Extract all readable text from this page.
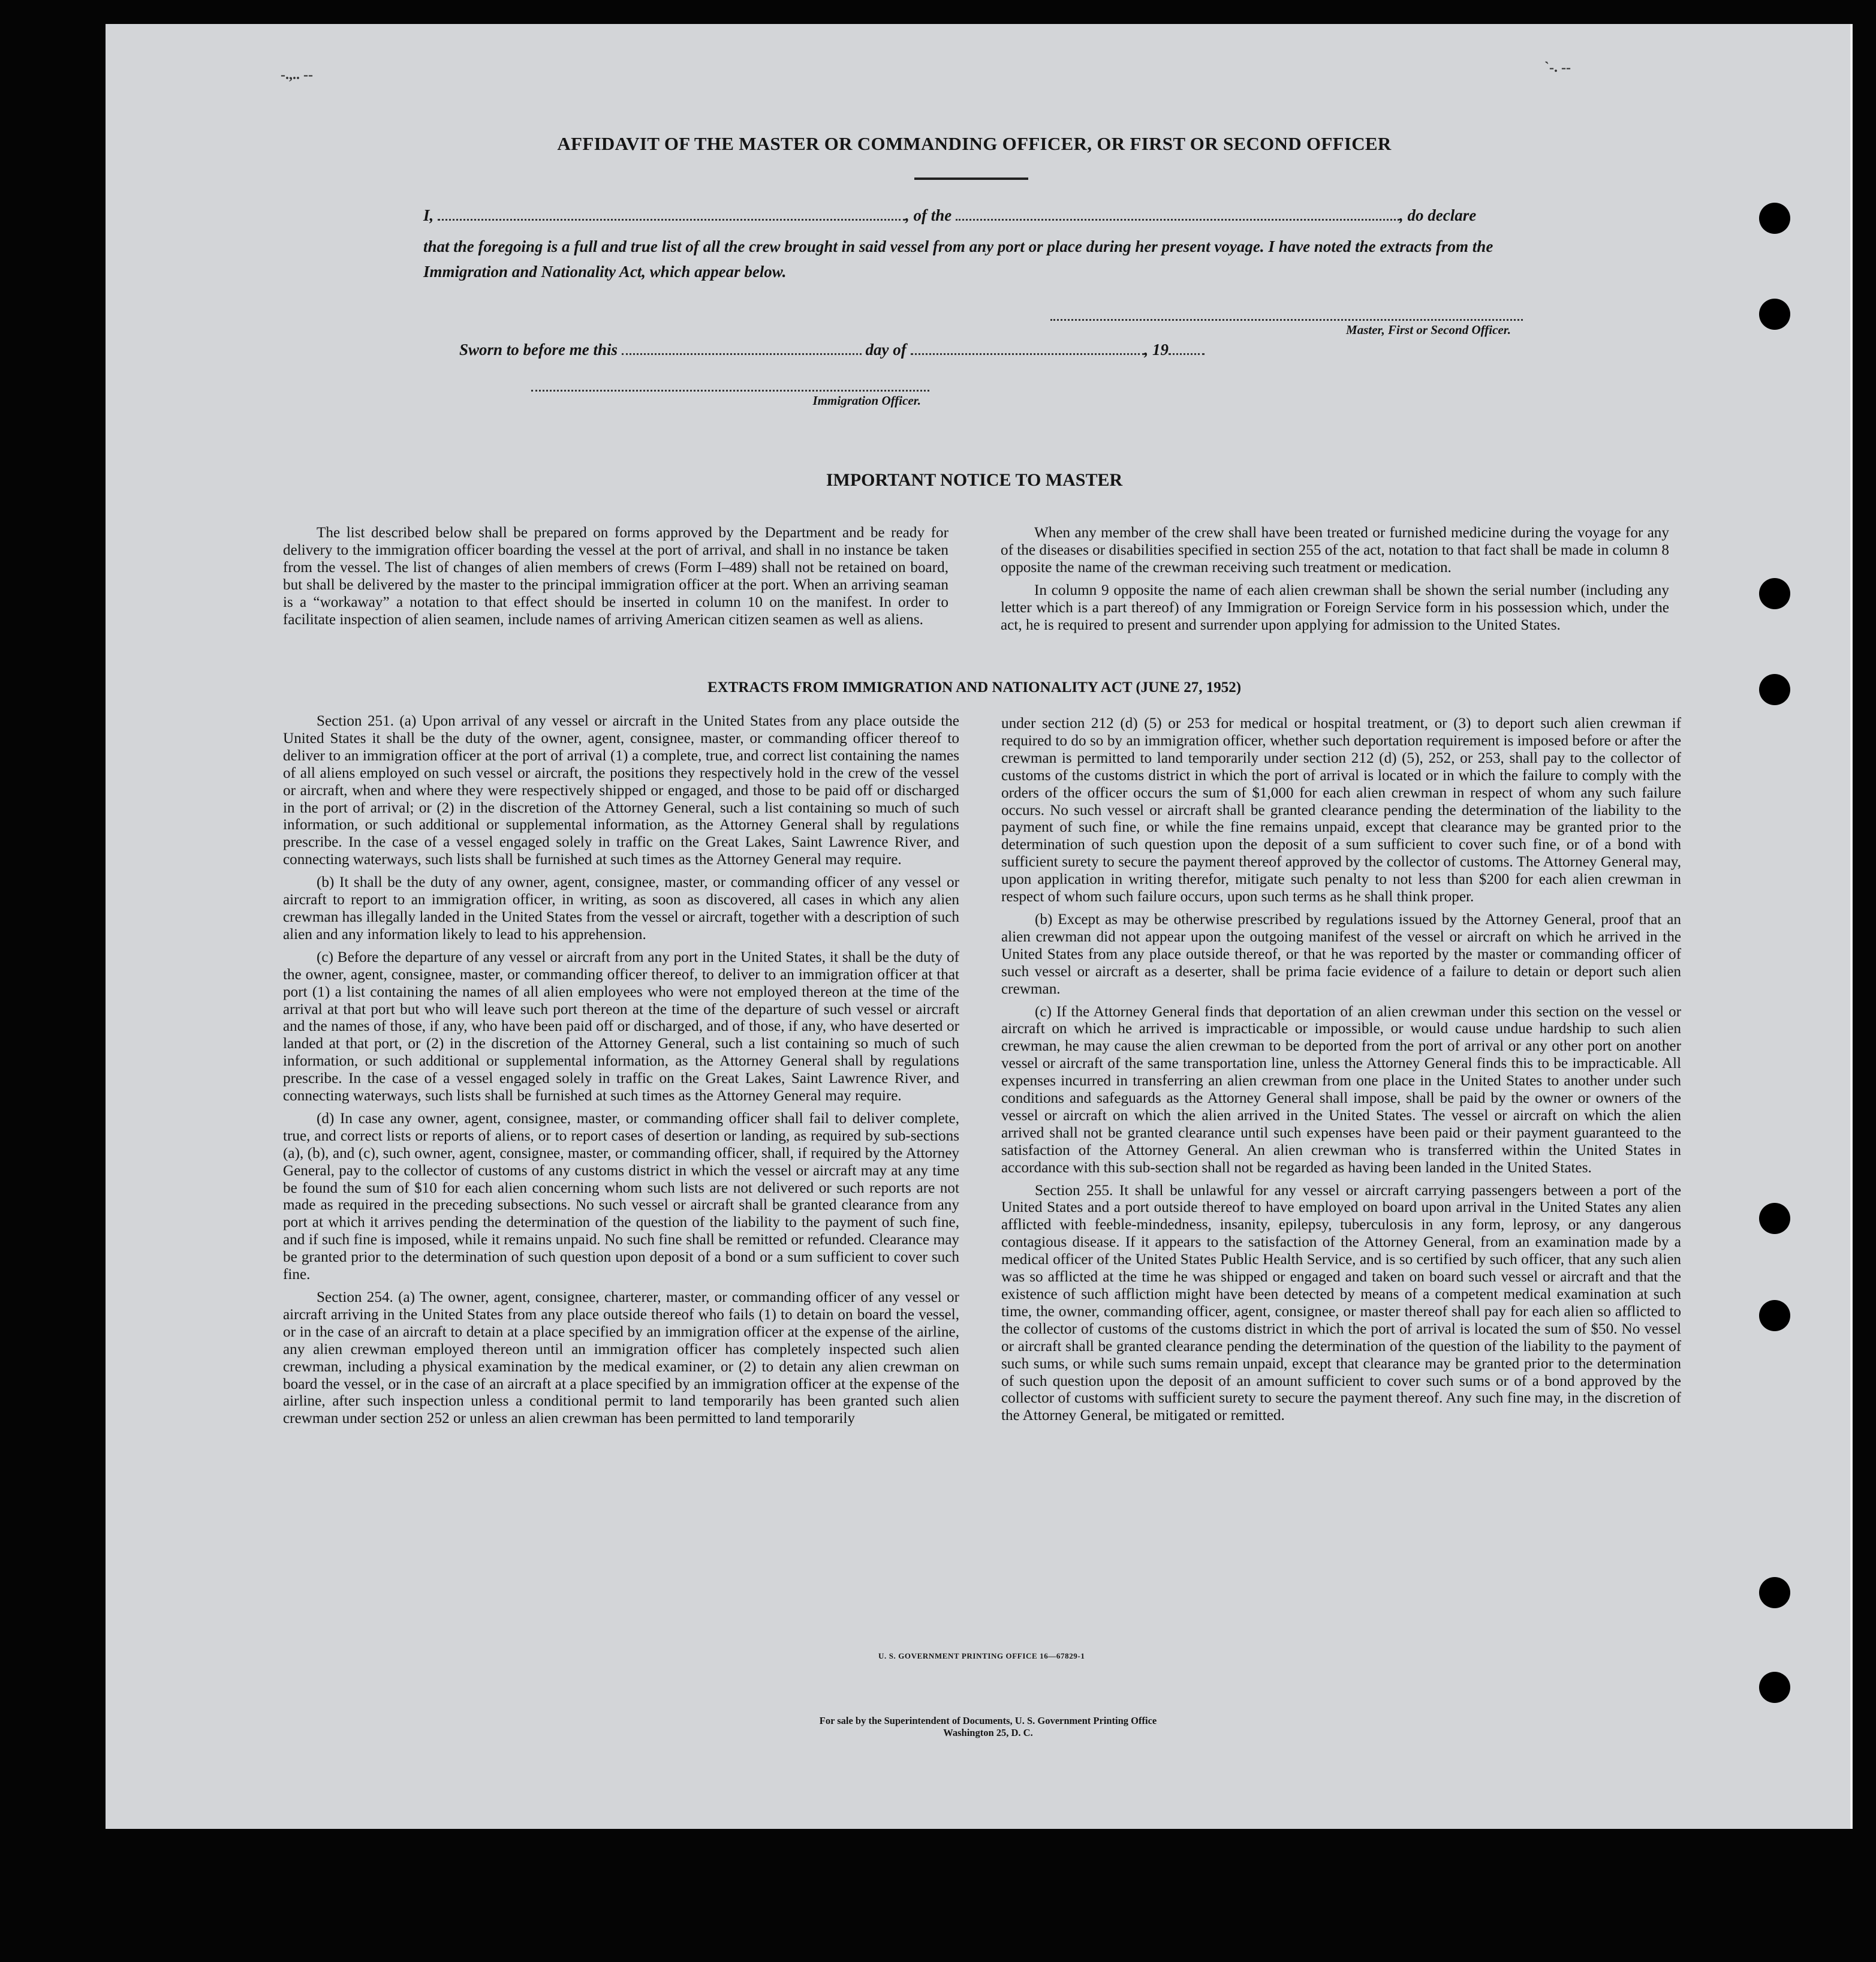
-.,.. --	`-. --
AFFIDAVIT OF THE MASTER OR COMMANDING OFFICER, OR FIRST OR SECOND OFFICER
I,	, of the	, do declare
that the foregoing is a full and true list of all the crew brought in said vessel from any port or place during her present voyage. I have noted the extracts from the Immigration and Nationality Act, which appear below.
Master, First or Second Officer.
Sworn to before me this	day of	, 19
Immigration Officer.
IMPORTANT NOTICE TO MASTER

The list described below shall be prepared on forms approved by the Department and be ready for delivery to the immigration officer boarding the vessel at the port of arrival, and shall in no instance be taken from the vessel. The list of changes of alien members of crews (Form I–489) shall not be retained on board, but shall be delivered by the master to the principal immigration officer at the port. When an arriving seaman is a “workaway” a notation to that effect should be inserted in column 10 on the manifest. In order to facilitate inspection of alien seamen, include names of arriving American citizen seamen as well as aliens.

When any member of the crew shall have been treated or furnished medicine during the voyage for any of the diseases or disabilities specified in section 255 of the act, notation to that fact shall be made in column 8 opposite the name of the crewman receiving such treatment or medication.

In column 9 opposite the name of each alien crewman shall be shown the serial number (including any letter which is a part thereof) of any Immigration or Foreign Service form in his possession which, under the act, he is required to present and surrender upon applying for admission to the United States.

EXTRACTS FROM IMMIGRATION AND NATIONALITY ACT (JUNE 27, 1952)

Section 251. (a) Upon arrival of any vessel or aircraft in the United States from any place outside the United States it shall be the duty of the owner, agent, consignee, master, or commanding officer thereof to deliver to an immigration officer at the port of arrival (1) a complete, true, and correct list containing the names of all aliens employed on such vessel or aircraft, the positions they respectively hold in the crew of the vessel or aircraft, when and where they were respectively shipped or engaged, and those to be paid off or discharged in the port of arrival; or (2) in the discretion of the Attorney General, such a list containing so much of such information, or such additional or supplemental information, as the Attorney General shall by regulations prescribe. In the case of a vessel engaged solely in traffic on the Great Lakes, Saint Lawrence River, and connecting waterways, such lists shall be furnished at such times as the Attorney General may require.

(b) It shall be the duty of any owner, agent, consignee, master, or commanding officer of any vessel or aircraft to report to an immigration officer, in writing, as soon as discovered, all cases in which any alien crewman has illegally landed in the United States from the vessel or aircraft, together with a description of such alien and any information likely to lead to his apprehension.

(c) Before the departure of any vessel or aircraft from any port in the United States, it shall be the duty of the owner, agent, consignee, master, or commanding officer thereof, to deliver to an immigration officer at that port (1) a list containing the names of all alien employees who were not employed thereon at the time of the arrival at that port but who will leave such port thereon at the time of the departure of such vessel or aircraft and the names of those, if any, who have been paid off or discharged, and of those, if any, who have deserted or landed at that port, or (2) in the discretion of the Attorney General, such a list containing so much of such information, or such additional or supplemental information, as the Attorney General shall by regulations prescribe. In the case of a vessel engaged solely in traffic on the Great Lakes, Saint Lawrence River, and connecting waterways, such lists shall be furnished at such times as the Attorney General may require.

(d) In case any owner, agent, consignee, master, or commanding officer shall fail to deliver complete, true, and correct lists or reports of aliens, or to report cases of desertion or landing, as required by sub-sections (a), (b), and (c), such owner, agent, consignee, master, or commanding officer, shall, if required by the Attorney General, pay to the collector of customs of any customs district in which the vessel or aircraft may at any time be found the sum of $10 for each alien concerning whom such lists are not delivered or such reports are not made as required in the preceding subsections. No such vessel or aircraft shall be granted clearance from any port at which it arrives pending the determination of the question of the liability to the payment of such fine, and if such fine is imposed, while it remains unpaid. No such fine shall be remitted or refunded. Clearance may be granted prior to the determination of such question upon deposit of a bond or a sum sufficient to cover such fine.

Section 254. (a) The owner, agent, consignee, charterer, master, or commanding officer of any vessel or aircraft arriving in the United States from any place outside thereof who fails (1) to detain on board the vessel, or in the case of an aircraft to detain at a place specified by an immigration officer at the expense of the airline, any alien crewman employed thereon until an immigration officer has completely inspected such alien crewman, including a physical examination by the medical examiner, or (2) to detain any alien crewman on board the vessel, or in the case of an aircraft at a place specified by an immigration officer at the expense of the airline, after such inspection unless a conditional permit to land temporarily has been granted such alien crewman under section 252 or unless an alien crewman has been permitted to land temporarily

under section 212 (d) (5) or 253 for medical or hospital treatment, or (3) to deport such alien crewman if required to do so by an immigration officer, whether such deportation requirement is imposed before or after the crewman is permitted to land temporarily under section 212 (d) (5), 252, or 253, shall pay to the collector of customs of the customs district in which the port of arrival is located or in which the failure to comply with the orders of the officer occurs the sum of $1,000 for each alien crewman in respect of whom any such failure occurs. No such vessel or aircraft shall be granted clearance pending the determination of the liability to the payment of such fine, or while the fine remains unpaid, except that clearance may be granted prior to the determination of such question upon the deposit of a sum sufficient to cover such fine, or of a bond with sufficient surety to secure the payment thereof approved by the collector of customs. The Attorney General may, upon application in writing therefor, mitigate such penalty to not less than $200 for each alien crewman in respect of whom such failure occurs, upon such terms as he shall think proper.

(b) Except as may be otherwise prescribed by regulations issued by the Attorney General, proof that an alien crewman did not appear upon the outgoing manifest of the vessel or aircraft on which he arrived in the United States from any place outside thereof, or that he was reported by the master or commanding officer of such vessel or aircraft as a deserter, shall be prima facie evidence of a failure to detain or deport such alien crewman.

(c) If the Attorney General finds that deportation of an alien crewman under this section on the vessel or aircraft on which he arrived is impracticable or impossible, or would cause undue hardship to such alien crewman, he may cause the alien crewman to be deported from the port of arrival or any other port on another vessel or aircraft of the same transportation line, unless the Attorney General finds this to be impracticable. All expenses incurred in transferring an alien crewman from one place in the United States to another under such conditions and safeguards as the Attorney General shall impose, shall be paid by the owner or owners of the vessel or aircraft on which the alien arrived in the United States. The vessel or aircraft on which the alien arrived shall not be granted clearance until such expenses have been paid or their payment guaranteed to the satisfaction of the Attorney General. An alien crewman who is transferred within the United States in accordance with this sub-section shall not be regarded as having been landed in the United States.

Section 255. It shall be unlawful for any vessel or aircraft carrying passengers between a port of the United States and a port outside thereof to have employed on board upon arrival in the United States any alien afflicted with feeble-mindedness, insanity, epilepsy, tuberculosis in any form, leprosy, or any dangerous contagious disease. If it appears to the satisfaction of the Attorney General, from an examination made by a medical officer of the United States Public Health Service, and is so certified by such officer, that any such alien was so afflicted at the time he was shipped or engaged and taken on board such vessel or aircraft and that the existence of such affliction might have been detected by means of a competent medical examination at such time, the owner, commanding officer, agent, consignee, or master thereof shall pay for each alien so afflicted to the collector of customs of the customs district in which the port of arrival is located the sum of $50. No vessel or aircraft shall be granted clearance pending the determination of the question of the liability to the payment of such sums, or while such sums remain unpaid, except that clearance may be granted prior to the determination of such question upon the deposit of an amount sufficient to cover such sums or of a bond approved by the collector of customs with sufficient surety to secure the payment thereof. Any such fine may, in the discretion of the Attorney General, be mitigated or remitted.

U. S. GOVERNMENT PRINTING OFFICE 16—67829-1
For sale by the Superintendent of Documents, U. S. Government Printing Office
Washington 25, D. C.
